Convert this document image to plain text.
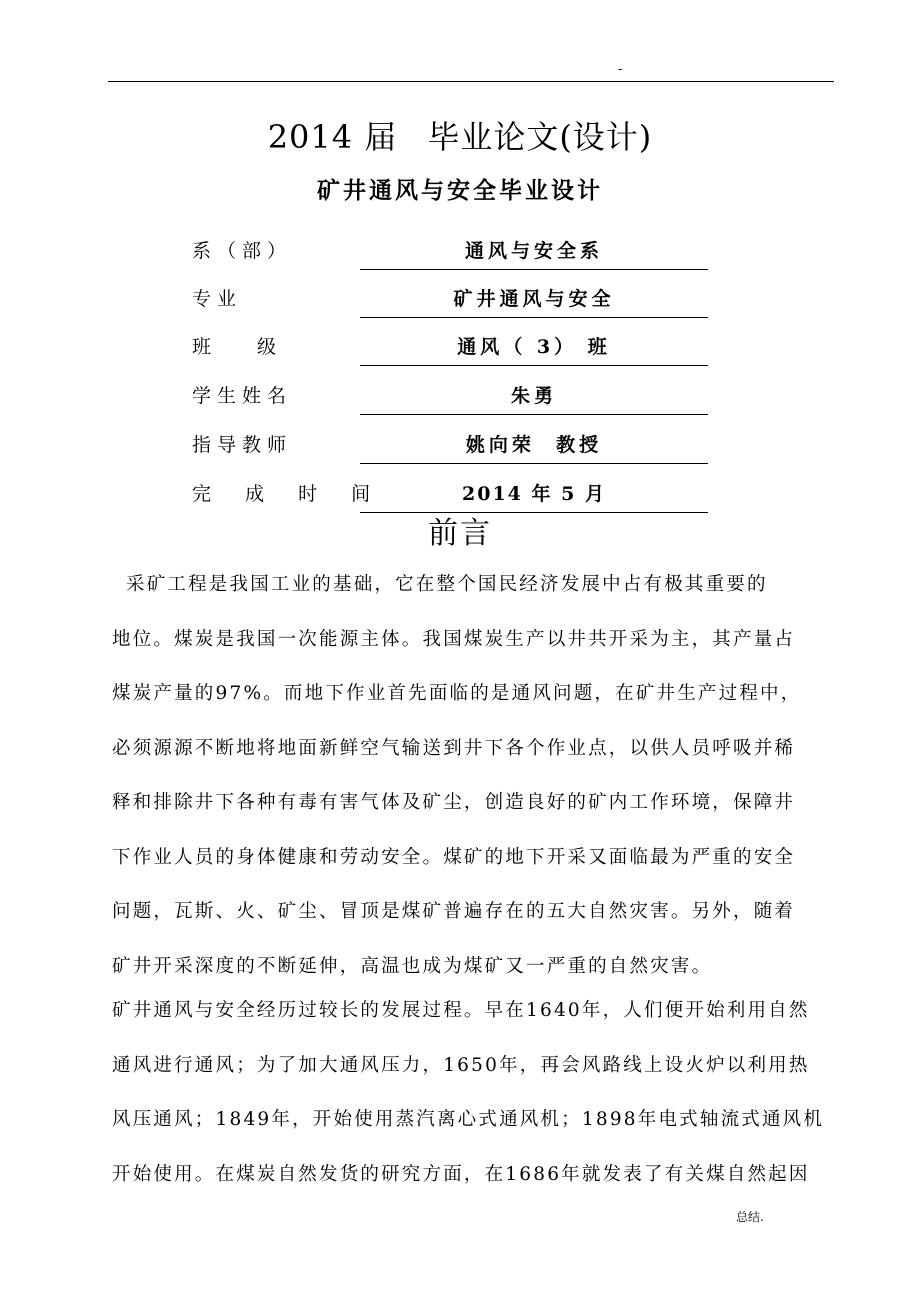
-
2014 届 毕业论文(设计)
矿井通风与安全毕业设计
系（部）	通风与安全系
专业	矿井通风与安全
班 级	通风（ 3） 班
学生姓名	朱勇
指导教师	姚向荣  教授
完 成 时 间	2014 年 5 月
前言
采矿工程是我国工业的基础，它在整个国民经济发展中占有极其重要的
地位。煤炭是我国一次能源主体。我国煤炭生产以井共开采为主，其产量占
煤炭产量的97%。而地下作业首先面临的是通风问题，在矿井生产过程中，
必须源源不断地将地面新鲜空气输送到井下各个作业点，以供人员呼吸并稀
释和排除井下各种有毒有害气体及矿尘，创造良好的矿内工作环境，保障井
下作业人员的身体健康和劳动安全。煤矿的地下开采又面临最为严重的安全
问题，瓦斯、火、矿尘、冒顶是煤矿普遍存在的五大自然灾害。另外，随着
矿井开采深度的不断延伸，高温也成为煤矿又一严重的自然灾害。
矿井通风与安全经历过较长的发展过程。早在1640年，人们便开始利用自然
通风进行通风；为了加大通风压力，1650年，再会风路线上设火炉以利用热
风压通风；1849年，开始使用蒸汽离心式通风机；1898年电式轴流式通风机
开始使用。在煤炭自然发货的研究方面，在1686年就发表了有关煤自然起因
总结.
